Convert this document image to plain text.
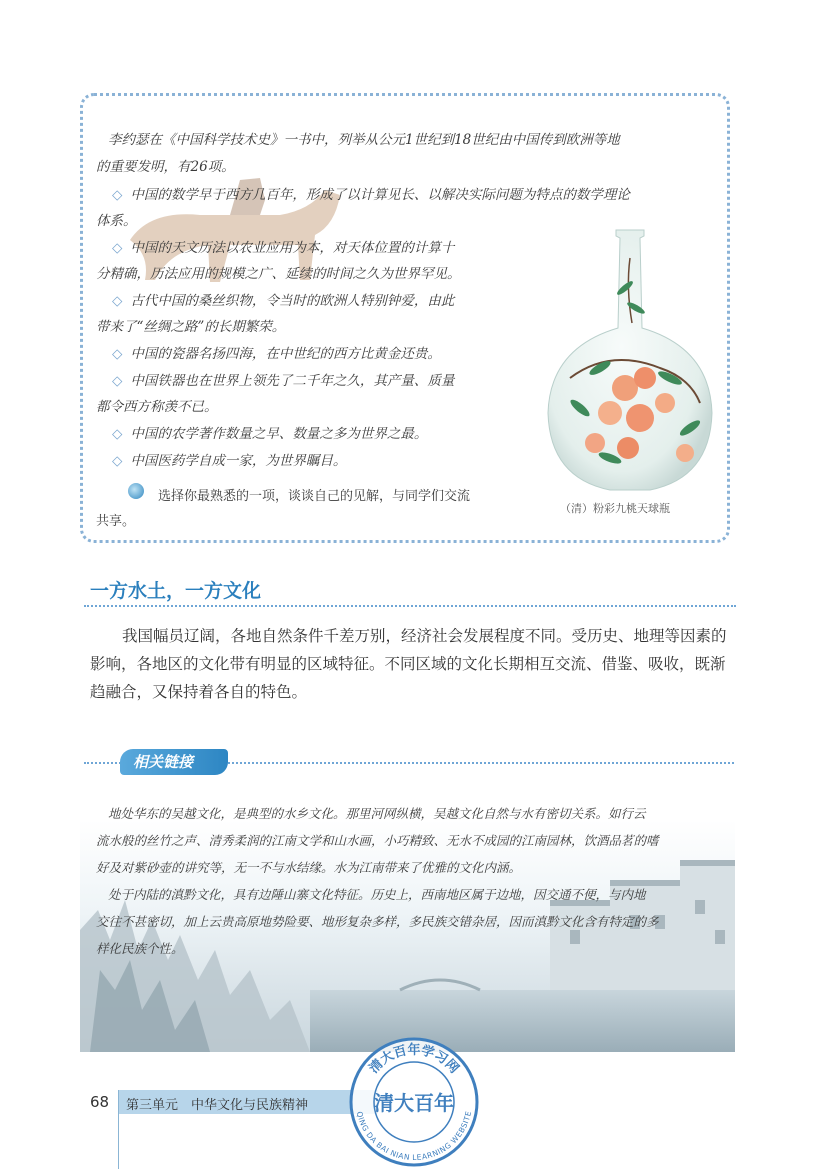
李约瑟在《中国科学技术史》一书中，列举从公元1世纪到18世纪由中国传到欧洲等地
的重要发明，有26项。
◇ 中国的数学早于西方几百年，形成了以计算见长、以解决实际问题为特点的数学理论
体系。
◇ 中国的天文历法以农业应用为本，对天体位置的计算十
分精确，历法应用的规模之广、延续的时间之久为世界罕见。
◇ 古代中国的桑丝织物，令当时的欧洲人特别钟爱，由此
带来了“丝绸之路”的长期繁荣。
◇ 中国的瓷器名扬四海，在中世纪的西方比黄金还贵。
◇ 中国铁器也在世界上领先了二千年之久，其产量、质量
都令西方称羡不已。
◇ 中国的农学著作数量之早、数量之多为世界之最。
◇ 中国医药学自成一家，为世界瞩目。
选择你最熟悉的一项，谈谈自己的见解，与同学们交流
共享。
（清）粉彩九桃天球瓶
一方水土，一方文化
我国幅员辽阔，各地自然条件千差万别，经济社会发展程度不同。受历史、地理等因素的影响，各地区的文化带有明显的区域特征。不同区域的文化长期相互交流、借鉴、吸收，既渐趋融合，又保持着各自的特色。
相关链接
地处华东的吴越文化，是典型的水乡文化。那里河网纵横，吴越文化自然与水有密切关系。如行云
流水般的丝竹之声、清秀柔润的江南文学和山水画，小巧精致、无水不成园的江南园林，饮酒品茗的嗜
好及对紫砂壶的讲究等，无一不与水结缘。水为江南带来了优雅的文化内涵。
处于内陆的滇黔文化，具有边陲山寨文化特征。历史上，西南地区属于边地，因交通不便，与内地
交往不甚密切，加上云贵高原地势险要、地形复杂多样，多民族交错杂居，因而滇黔文化含有特定的多
样化民族个性。
68 第三单元　中华文化与民族精神
清大百年学习网
QING DA BAI NIAN LEARNING WEBSITE
清大百年
